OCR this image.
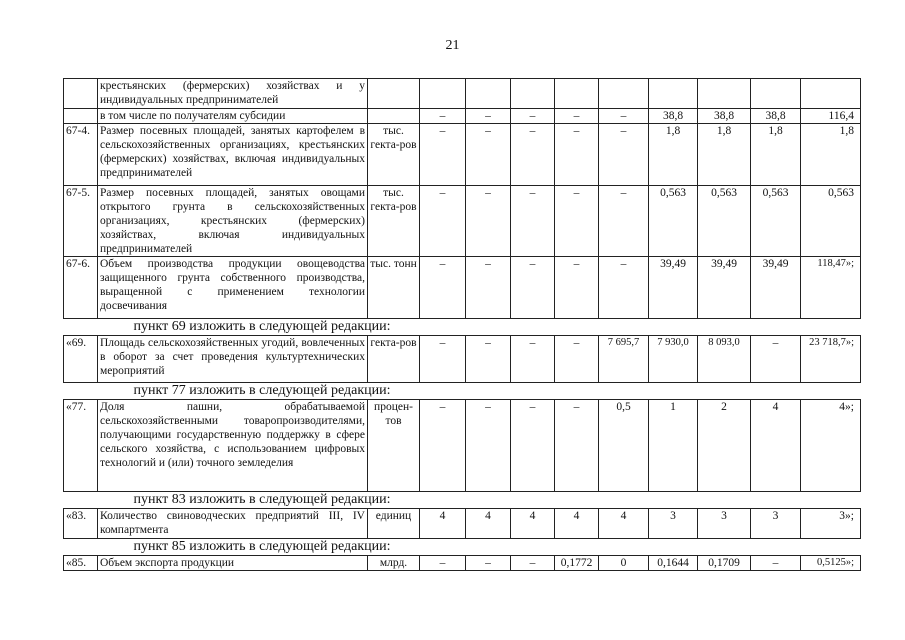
21
	крестьянских (фермерских) хозяйствах и у индивидуальных предпринимателей										
	в том числе по получателям субсидии		–	–	–	–	–	38,8	38,8	38,8	116,4
67-4.	Размер посевных площадей, занятых картофелем в сельскохозяйственных организациях, крестьянских (фермерских) хозяйствах, включая индивидуальных предпринимателей	тыс. гекта-ров	–	–	–	–	–	1,8	1,8	1,8	1,8
67-5.	Размер посевных площадей, занятых овощами открытого грунта в сельскохозяйственных организациях, крестьянских (фермерских) хозяйствах, включая индивидуальных предпринимателей	тыс. гекта-ров	–	–	–	–	–	0,563	0,563	0,563	0,563
67-6.	Объем производства продукции овощеводства защищенного грунта собственного производства, выращенной с применением технологии досвечивания	тыс. тонн	–	–	–	–	–	39,49	39,49	39,49	118,47»;
	пункт 69 изложить в следующей редакции:										
«69.	Площадь сельскохозяйственных угодий, вовлеченных в оборот за счет проведения культуртехнических мероприятий	гекта-ров	–	–	–	–	7 695,7	7 930,0	8 093,0	–	23 718,7»;
	пункт 77 изложить в следующей редакции:										
«77.	Доля пашни, обрабатываемой сельскохозяйственными товаропроизводителями, получающими государственную поддержку в сфере сельского хозяйства, с использованием цифровых технологий и (или) точного земледелия	процен-тов	–	–	–	–	0,5	1	2	4	4»;
	пункт 83 изложить в следующей редакции:										
«83.	Количество свиноводческих предприятий III, IV компартмента	единиц	4	4	4	4	4	3	3	3	3»;
	пункт 85 изложить в следующей редакции:										
«85.	Объем экспорта продукции	млрд.	–	–	–	0,1772	0	0,1644	0,1709	–	0,5125»;
